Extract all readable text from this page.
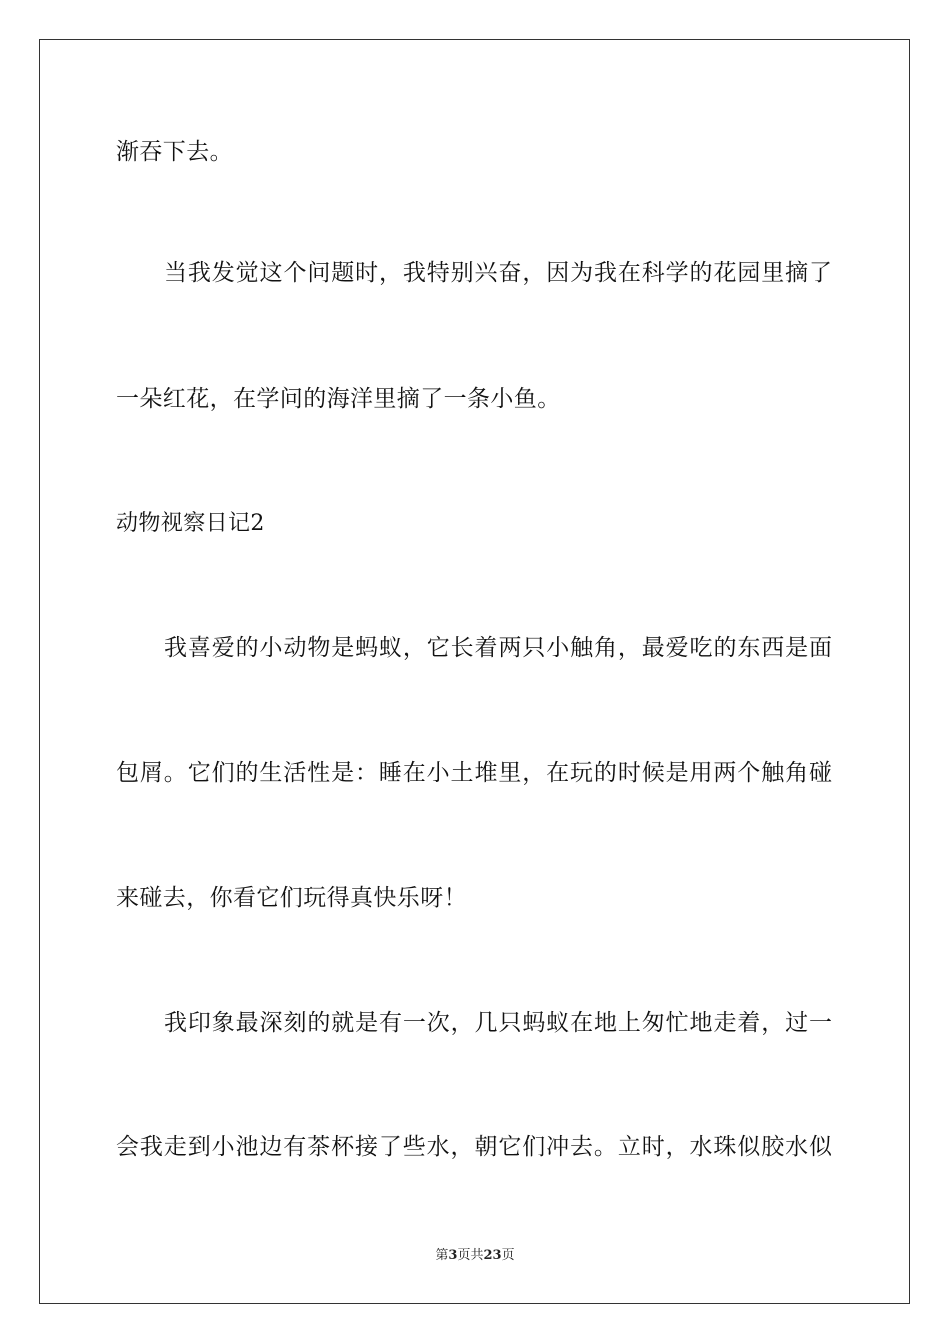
渐吞下去。
当我发觉这个问题时，我特别兴奋，因为我在科学的花园里摘了
一朵红花，在学问的海洋里摘了一条小鱼。
动物视察日记2
我喜爱的小动物是蚂蚁，它长着两只小触角，最爱吃的东西是面
包屑。它们的生活性是：睡在小土堆里，在玩的时候是用两个触角碰
来碰去，你看它们玩得真快乐呀！
我印象最深刻的就是有一次，几只蚂蚁在地上匆忙地走着，过一
会我走到小池边有茶杯接了些水，朝它们冲去。立时，水珠似胶水似
第3页共23页
